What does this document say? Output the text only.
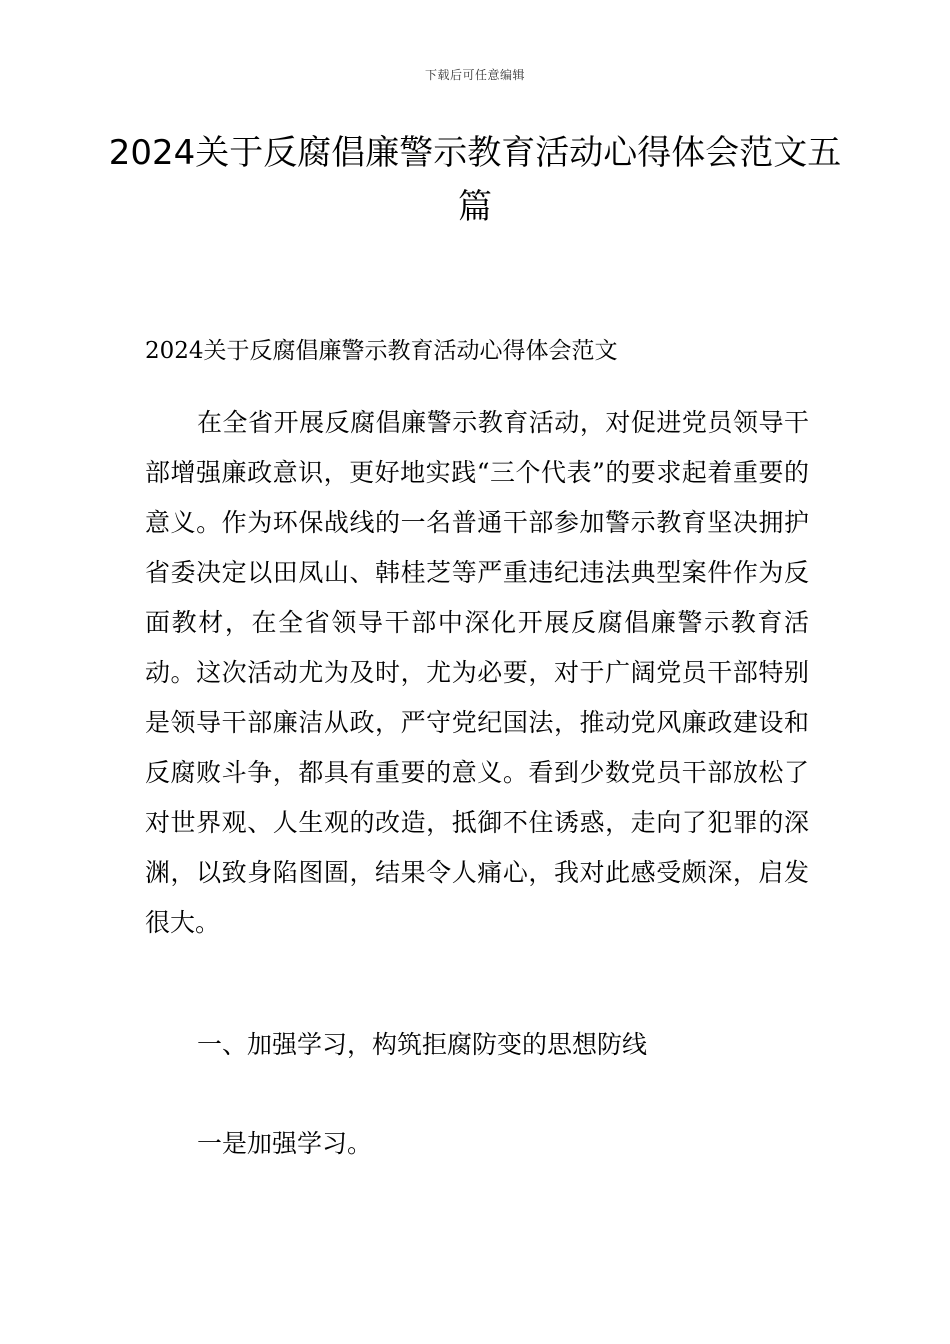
下载后可任意编辑
2024关于反腐倡廉警示教育活动心得体会范文五篇
2024关于反腐倡廉警示教育活动心得体会范文

在全省开展反腐倡廉警示教育活动，对促进党员领导干部增强廉政意识，更好地实践“三个代表”的要求起着重要的意义。作为环保战线的一名普通干部参加警示教育坚决拥护省委决定以田凤山、韩桂芝等严重违纪违法典型案件作为反面教材，在全省领导干部中深化开展反腐倡廉警示教育活动。这次活动尤为及时，尤为必要，对于广阔党员干部特别是领导干部廉洁从政，严守党纪国法，推动党风廉政建设和反腐败斗争，都具有重要的意义。看到少数党员干部放松了对世界观、人生观的改造，抵御不住诱惑，走向了犯罪的深渊，以致身陷图圄，结果令人痛心，我对此感受颇深，启发很大。

一、加强学习，构筑拒腐防变的思想防线
一是加强学习。
